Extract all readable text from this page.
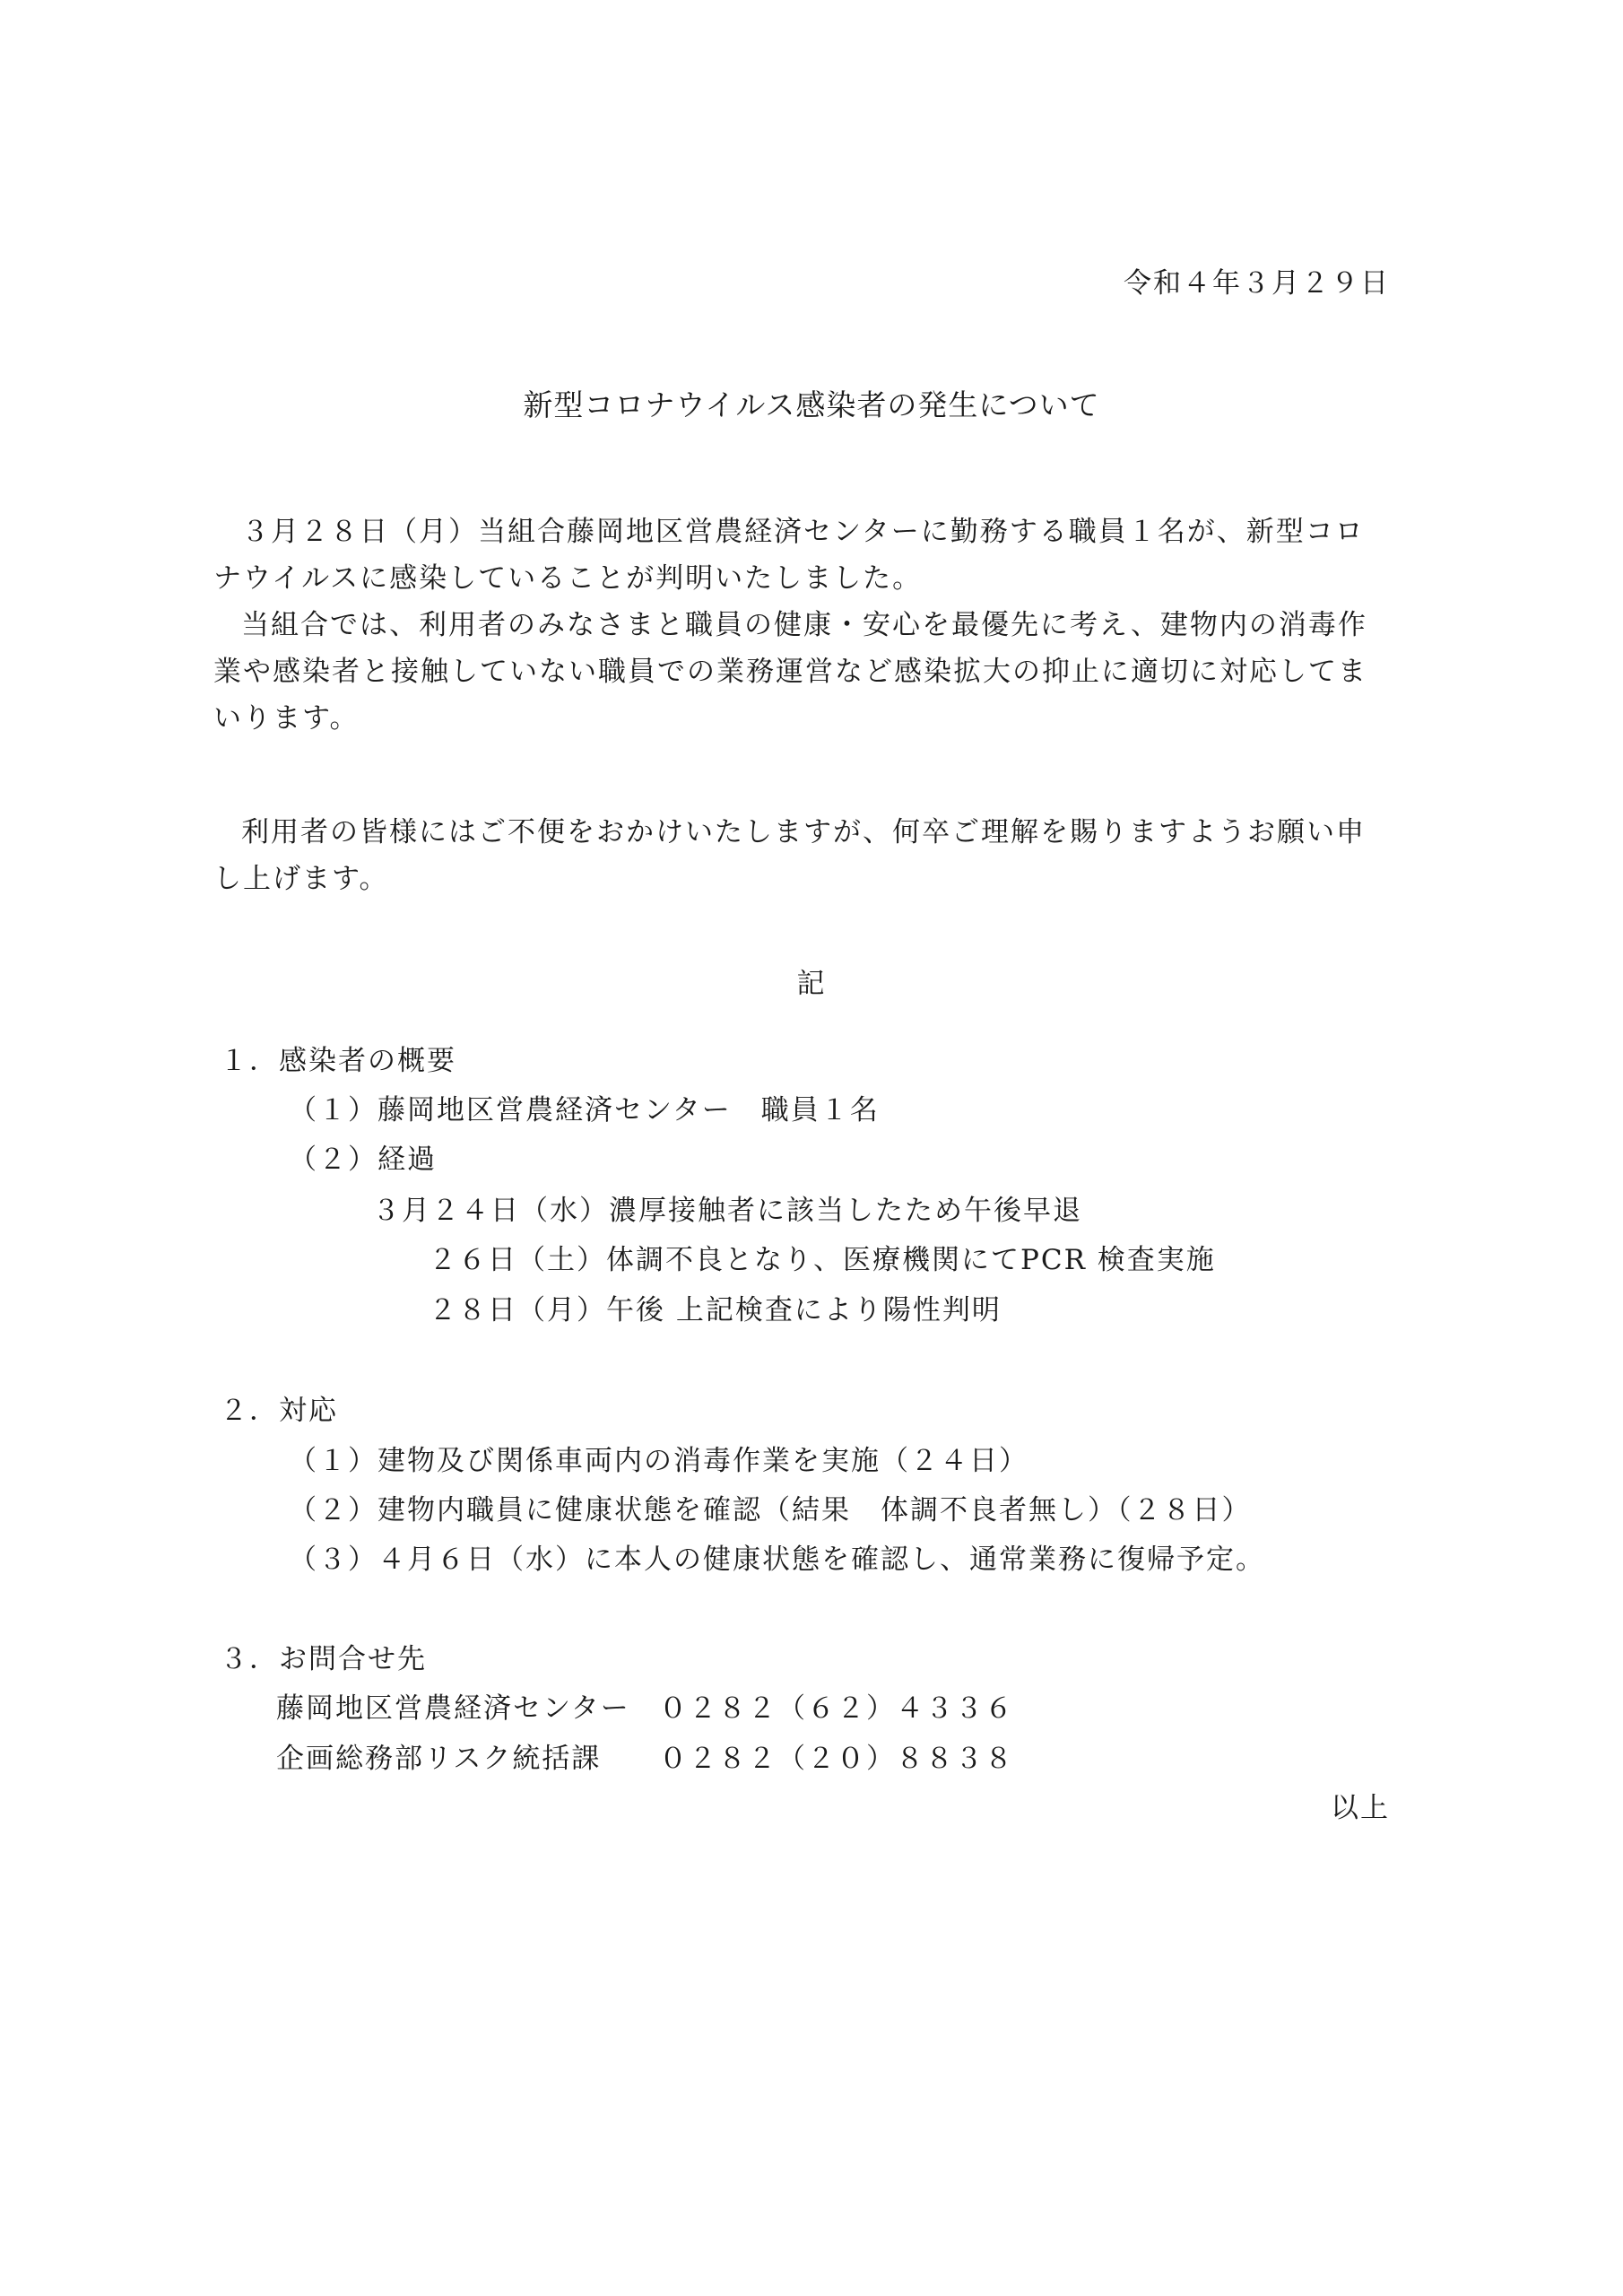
令和４年３月２９日
新型コロナウイルス感染者の発生について

３月２８日（月）当組合藤岡地区営農経済センターに勤務する職員１名が、新型コロナウイルスに感染していることが判明いたしました。

当組合では、利用者のみなさまと職員の健康・安心を最優先に考え、建物内の消毒作業や感染者と接触していない職員での業務運営など感染拡大の抑止に適切に対応してまいります。

利用者の皆様にはご不便をおかけいたしますが、何卒ご理解を賜りますようお願い申し上げます。

記
１．感染者の概要
（１）藤岡地区営農経済センター　職員１名
（２）経過
３月２４日（水）濃厚接触者に該当したため午後早退
２６日（土）体調不良となり、医療機関にてPCR 検査実施
２８日（月）午後 上記検査により陽性判明
２．対応
（１）建物及び関係車両内の消毒作業を実施（２４日）
（２）建物内職員に健康状態を確認（結果　体調不良者無し）（２８日）
（３）４月６日（水）に本人の健康状態を確認し、通常業務に復帰予定。
３．お問合せ先
藤岡地区営農経済センター ０２８２（６２）４３３６
企画総務部リスク統括課 ０２８２（２０）８８３８
以上
